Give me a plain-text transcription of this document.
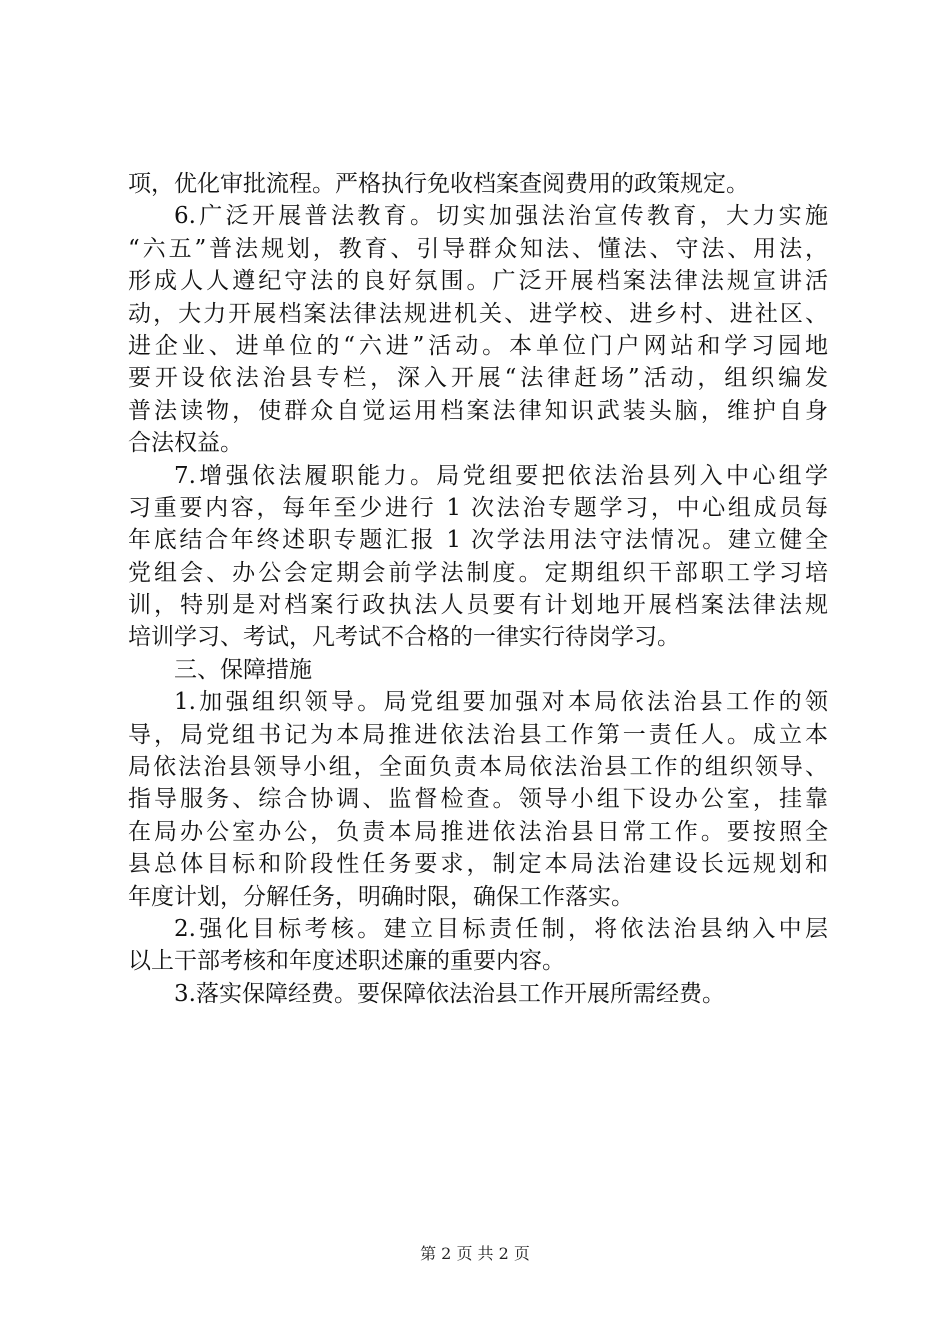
项，优化审批流程。严格执行免收档案查阅费用的政策规定。
6.广泛开展普法教育。切实加强法治宣传教育，大力实施
“六五”普法规划，教育、引导群众知法、懂法、守法、用法，
形成人人遵纪守法的良好氛围。广泛开展档案法律法规宣讲活
动，大力开展档案法律法规进机关、进学校、进乡村、进社区、
进企业、进单位的“六进”活动。本单位门户网站和学习园地
要开设依法治县专栏，深入开展“法律赶场”活动，组织编发
普法读物，使群众自觉运用档案法律知识武装头脑，维护自身
合法权益。
7.增强依法履职能力。局党组要把依法治县列入中心组学
习重要内容，每年至少进行 1 次法治专题学习，中心组成员每
年底结合年终述职专题汇报 1 次学法用法守法情况。建立健全
党组会、办公会定期会前学法制度。定期组织干部职工学习培
训，特别是对档案行政执法人员要有计划地开展档案法律法规
培训学习、考试，凡考试不合格的一律实行待岗学习。
三、保障措施
1.加强组织领导。局党组要加强对本局依法治县工作的领
导，局党组书记为本局推进依法治县工作第一责任人。成立本
局依法治县领导小组，全面负责本局依法治县工作的组织领导、
指导服务、综合协调、监督检查。领导小组下设办公室，挂靠
在局办公室办公，负责本局推进依法治县日常工作。要按照全
县总体目标和阶段性任务要求，制定本局法治建设长远规划和
年度计划，分解任务，明确时限，确保工作落实。
2.强化目标考核。建立目标责任制，将依法治县纳入中层
以上干部考核和年度述职述廉的重要内容。
3.落实保障经费。要保障依法治县工作开展所需经费。
第 2 页 共 2 页
